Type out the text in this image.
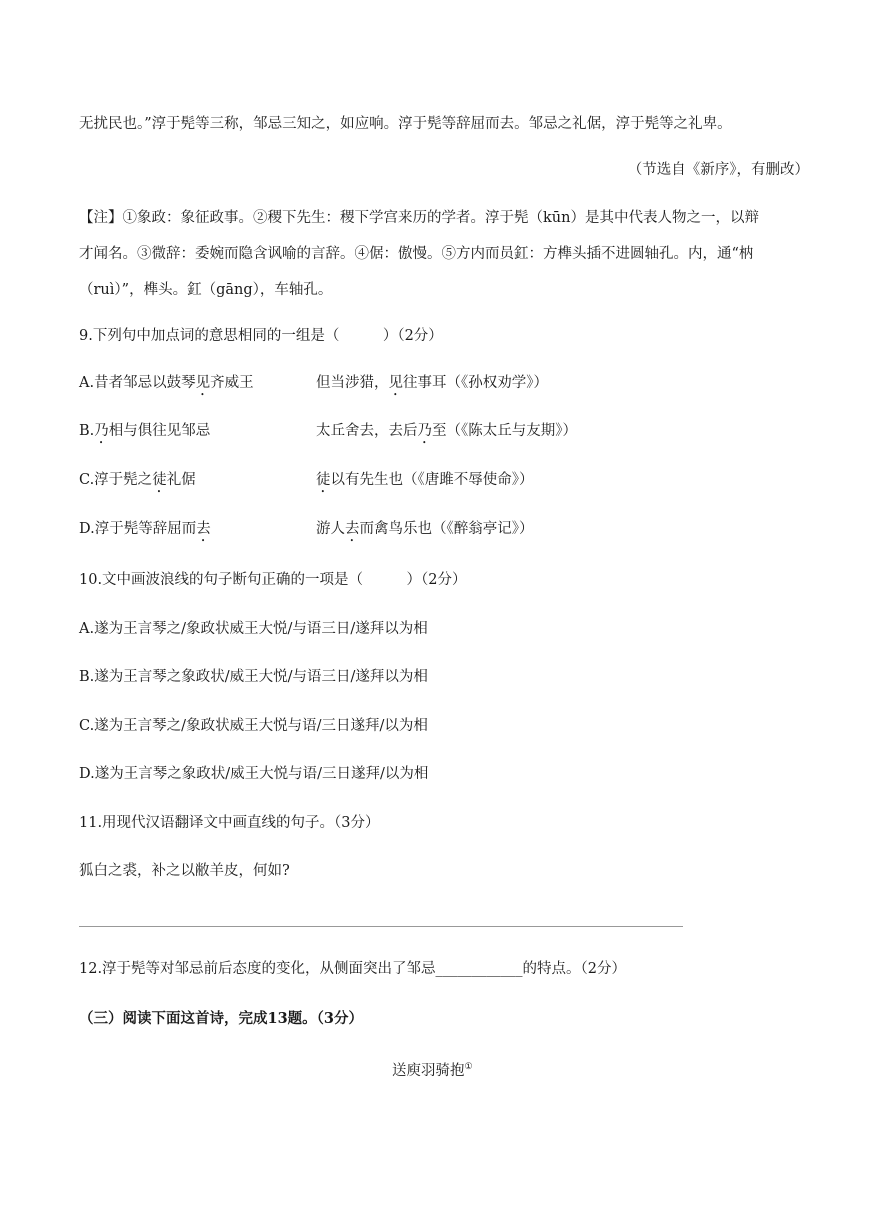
无扰民也。”淳于髡等三称，邹忌三知之，如应响。淳于髡等辞屈而去。邹忌之礼倨，淳于髡等之礼卑。
（节选自《新序》，有删改）
【注】①象政：象征政事。②稷下先生：稷下学宫来历的学者。淳于髡（kūn）是其中代表人物之一，以辩
才闻名。③微辞：委婉而隐含讽喻的言辞。④倨：傲慢。⑤方内而员釭：方榫头插不进圆轴孔。内，通“枘
（ruì）”，榫头。釭（gāng），车轴孔。
9.下列句中加点词的意思相同的一组是（　　　）（2分）
A.昔者邹忌以鼓琴见齐威王	但当涉猎，见往事耳（《孙权劝学》）
B.乃相与俱往见邹忌	太丘舍去，去后乃至（《陈太丘与友期》）
C.淳于髡之徒礼倨	徒以有先生也（《唐雎不辱使命》）
D.淳于髡等辞屈而去	游人去而禽鸟乐也（《醉翁亭记》）
10.文中画波浪线的句子断句正确的一项是（　　　）（2分）
A.遂为王言琴之/象政状威王大悦/与语三日/遂拜以为相
B.遂为王言琴之象政状/威王大悦/与语三日/遂拜以为相
C.遂为王言琴之/象政状威王大悦与语/三日遂拜/以为相
D.遂为王言琴之象政状/威王大悦与语/三日遂拜/以为相
11.用现代汉语翻译文中画直线的句子。（3分）
狐白之裘，补之以敝羊皮，何如?
12.淳于髡等对邹忌前后态度的变化，从侧面突出了邹忌____________的特点。（2分）
（三）阅读下面这首诗，完成13题。（3分）
送庾羽骑抱①
